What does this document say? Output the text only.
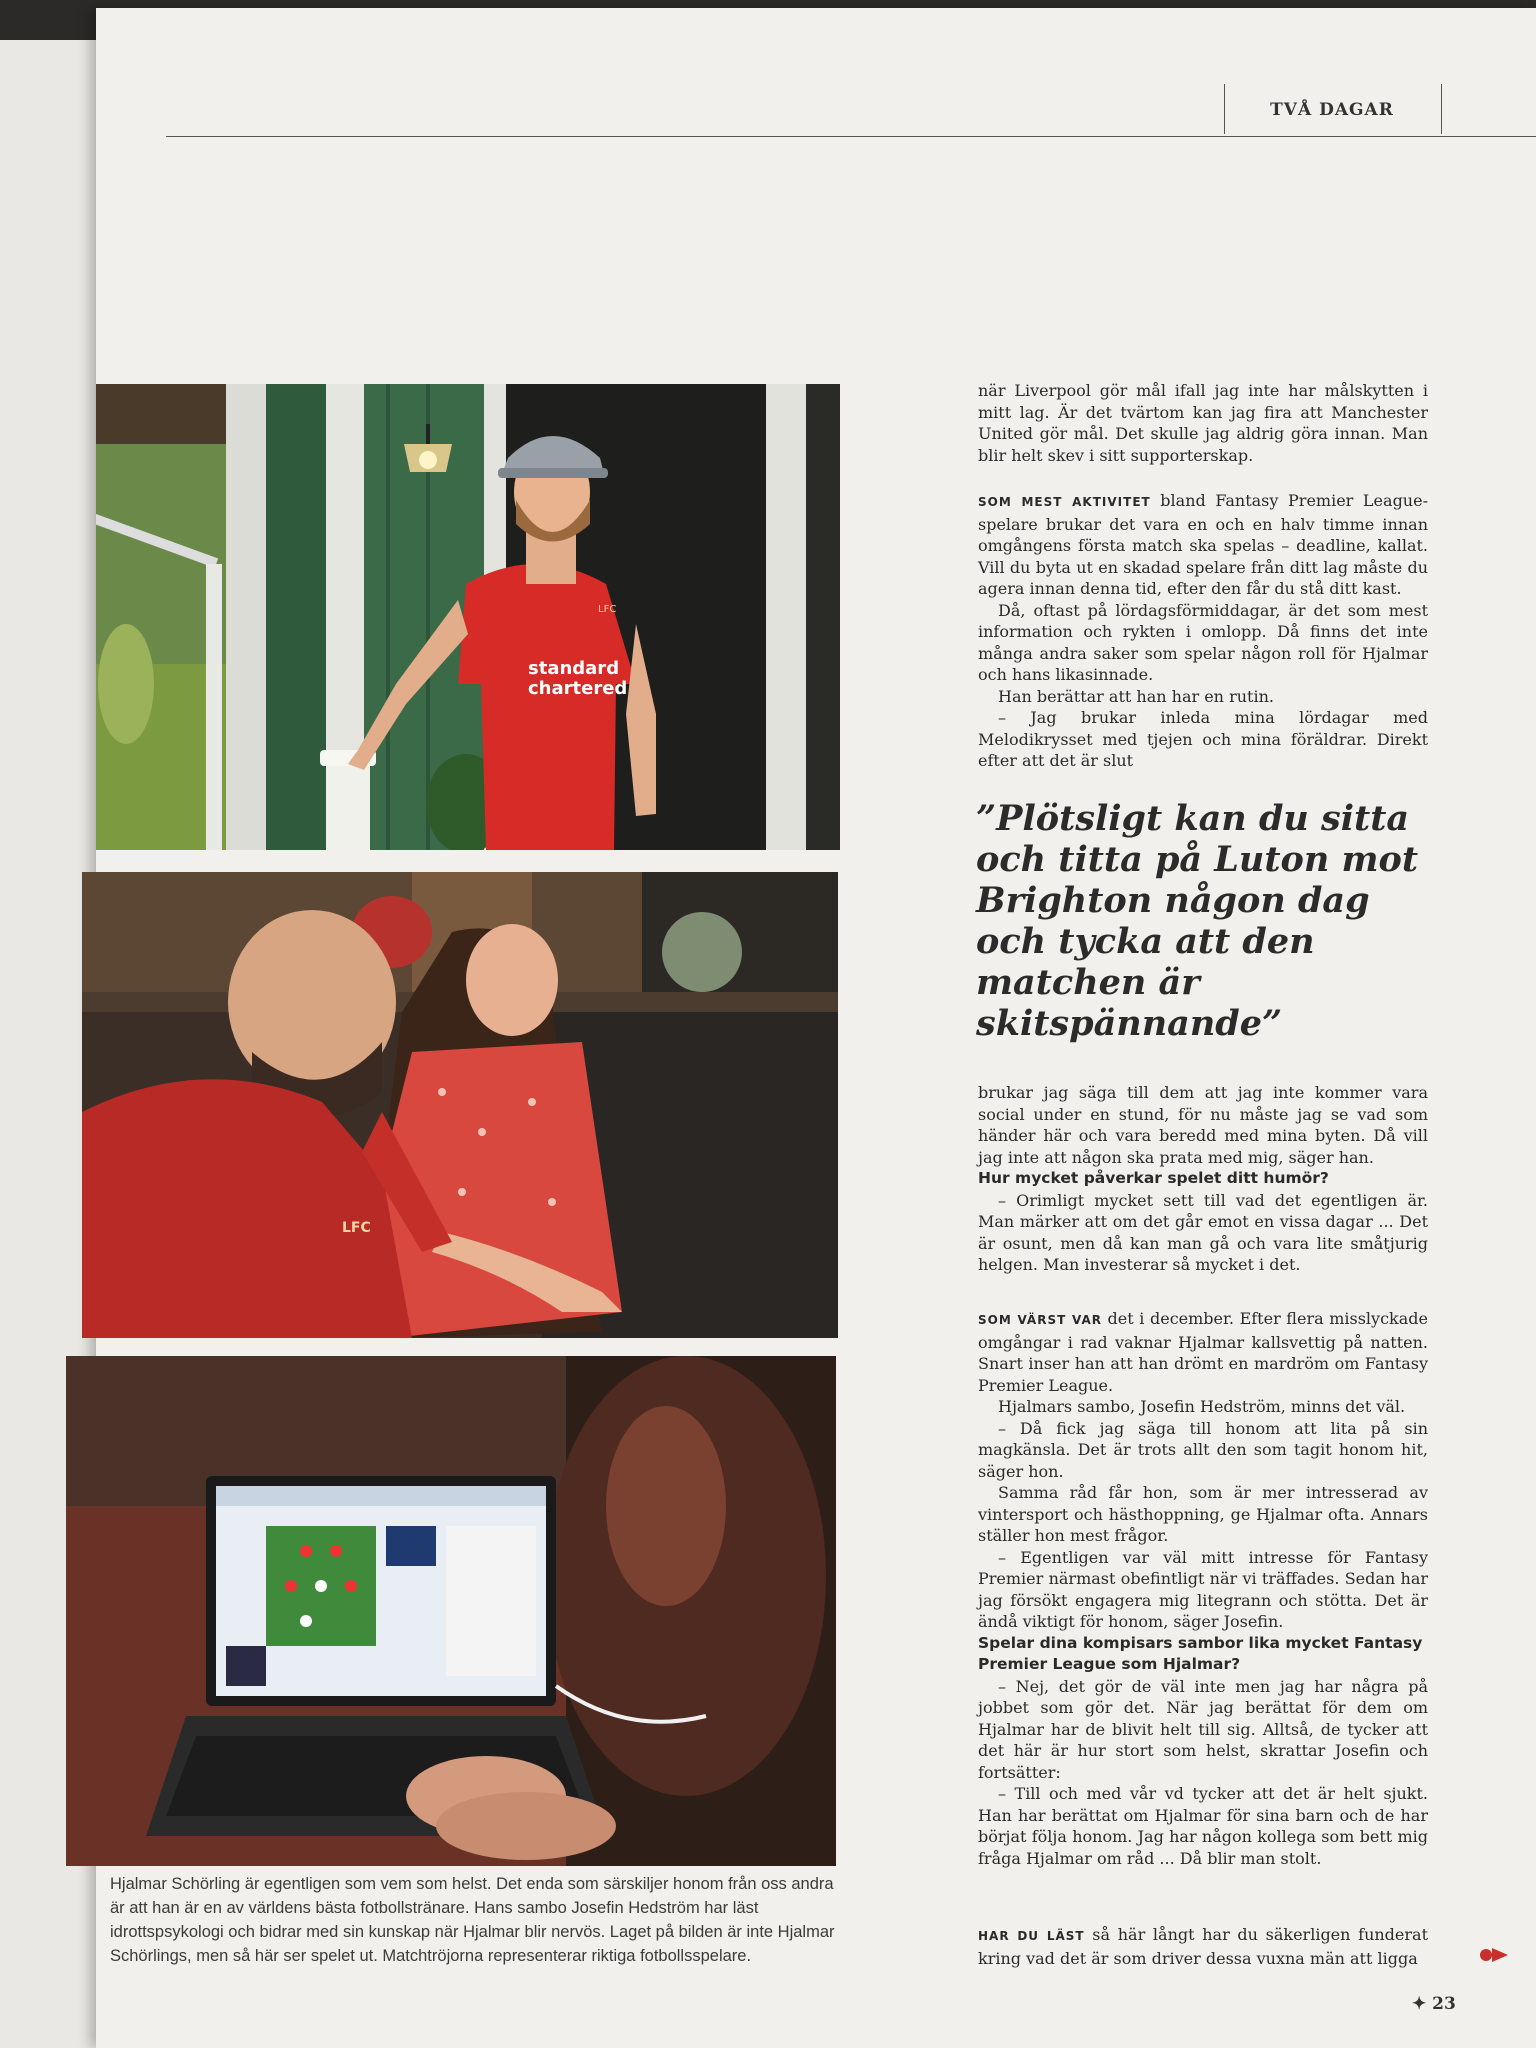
TVÅ DAGAR
standard
chartered
LFC
LFC
Hjalmar Schörling är egentligen som vem som helst. Det enda som särskiljer honom från oss andra är att han är en av världens bästa fotbollstränare. Hans sambo Josefin Hedström har läst idrottspsykologi och bidrar med sin kunskap när Hjalmar blir nervös. Laget på bilden är inte Hjalmar Schörlings, men så här ser spelet ut. Matchtröjorna representerar riktiga fotbollsspelare.

när Liverpool gör mål ifall jag inte har målskytten i mitt lag. Är det tvärtom kan jag fira att Manchester United gör mål. Det skulle jag aldrig göra innan. Man blir helt skev i sitt supporterskap.

SOM MEST AKTIVITET bland Fantasy Premier League-spelare brukar det vara en och en halv timme innan omgångens första match ska spelas – deadline, kallat. Vill du byta ut en skadad spelare från ditt lag måste du agera innan denna tid, efter den får du stå ditt kast.

Då, oftast på lördagsförmiddagar, är det som mest information och rykten i omlopp. Då finns det inte många andra saker som spelar någon roll för Hjalmar och hans likasinnade.

Han berättar att han har en rutin.

– Jag brukar inleda mina lördagar med Melodikrysset med tjejen och mina föräldrar. Direkt efter att det är slut

”Plötsligt kan du sitta och titta på Luton mot Brighton någon dag och tycka att den matchen är skitspännande”

brukar jag säga till dem att jag inte kommer vara social under en stund, för nu måste jag se vad som händer här och vara beredd med mina byten. Då vill jag inte att någon ska prata med mig, säger han.

Hur mycket påverkar spelet ditt humör?

– Orimligt mycket sett till vad det egentligen är. Man märker att om det går emot en vissa dagar ... Det är osunt, men då kan man gå och vara lite småtjurig helgen. Man investerar så mycket i det.

SOM VÄRST VAR det i december. Efter flera misslyckade omgångar i rad vaknar Hjalmar kallsvettig på natten. Snart inser han att han drömt en mardröm om Fantasy Premier League.

Hjalmars sambo, Josefin Hedström, minns det väl.

– Då fick jag säga till honom att lita på sin magkänsla. Det är trots allt den som tagit honom hit, säger hon.

Samma råd får hon, som är mer intresserad av vintersport och hästhoppning, ge Hjalmar ofta. Annars ställer hon mest frågor.

– Egentligen var väl mitt intresse för Fantasy Premier närmast obefintligt när vi träffades. Sedan har jag försökt engagera mig litegrann och stötta. Det är ändå viktigt för honom, säger Josefin.

Spelar dina kompisars sambor lika mycket Fantasy Premier League som Hjalmar?

– Nej, det gör de väl inte men jag har några på jobbet som gör det. När jag berättat för dem om Hjalmar har de blivit helt till sig. Alltså, de tycker att det här är hur stort som helst, skrattar Josefin och fortsätter:

– Till och med vår vd tycker att det är helt sjukt. Han har berättat om Hjalmar för sina barn och de har börjat följa honom. Jag har någon kollega som bett mig fråga Hjalmar om råd ... Då blir man stolt.

HAR DU LÄST så här långt har du säkerligen funderat kring vad det är som driver dessa vuxna män att ligga

✦ 23
